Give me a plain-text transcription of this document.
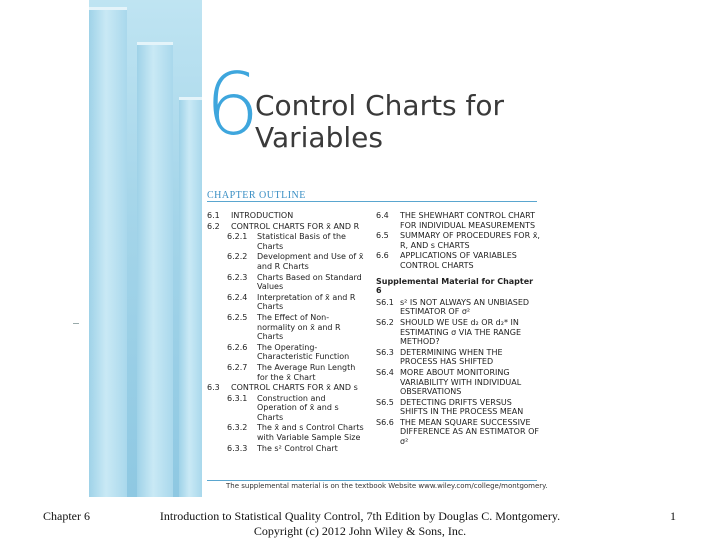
6
Control Charts for
Variables
CHAPTER OUTLINE
6.1	INTRODUCTION
6.2	CONTROL CHARTS FOR x̄ AND R
6.2.1	Statistical Basis of the Charts
6.2.2	Development and Use of x̄ and R Charts
6.2.3	Charts Based on Standard Values
6.2.4	Interpretation of x̄ and R Charts
6.2.5	The Effect of Non-normality on x̄ and R Charts
6.2.6	The Operating-Characteristic Function
6.2.7	The Average Run Length for the x̄ Chart
6.3	CONTROL CHARTS FOR x̄ AND s
6.3.1	Construction and Operation of x̄ and s Charts
6.3.2	The x̄ and s Control Charts with Variable Sample Size
6.3.3	The s² Control Chart
6.4	THE SHEWHART CONTROL CHART FOR INDIVIDUAL MEASUREMENTS
6.5	SUMMARY OF PROCEDURES FOR x̄, R, AND s CHARTS
6.6	APPLICATIONS OF VARIABLES CONTROL CHARTS
Supplemental Material for Chapter 6
S6.1 s² IS NOT ALWAYS AN UNBIASED ESTIMATOR OF σ²
S6.2 SHOULD WE USE d₂ OR d₂* IN ESTIMATING σ VIA THE RANGE METHOD?
S6.3 DETERMINING WHEN THE PROCESS HAS SHIFTED
S6.4 MORE ABOUT MONITORING VARIABILITY WITH INDIVIDUAL OBSERVATIONS
S6.5 DETECTING DRIFTS VERSUS SHIFTS IN THE PROCESS MEAN
S6.6 THE MEAN SQUARE SUCCESSIVE DIFFERENCE AS AN ESTIMATOR OF σ²
The supplemental material is on the textbook Website www.wiley.com/college/montgomery.
Chapter 6	Introduction to Statistical Quality Control, 7th Edition by Douglas C. Montgomery.
Copyright (c) 2012 John Wiley & Sons, Inc.
1
